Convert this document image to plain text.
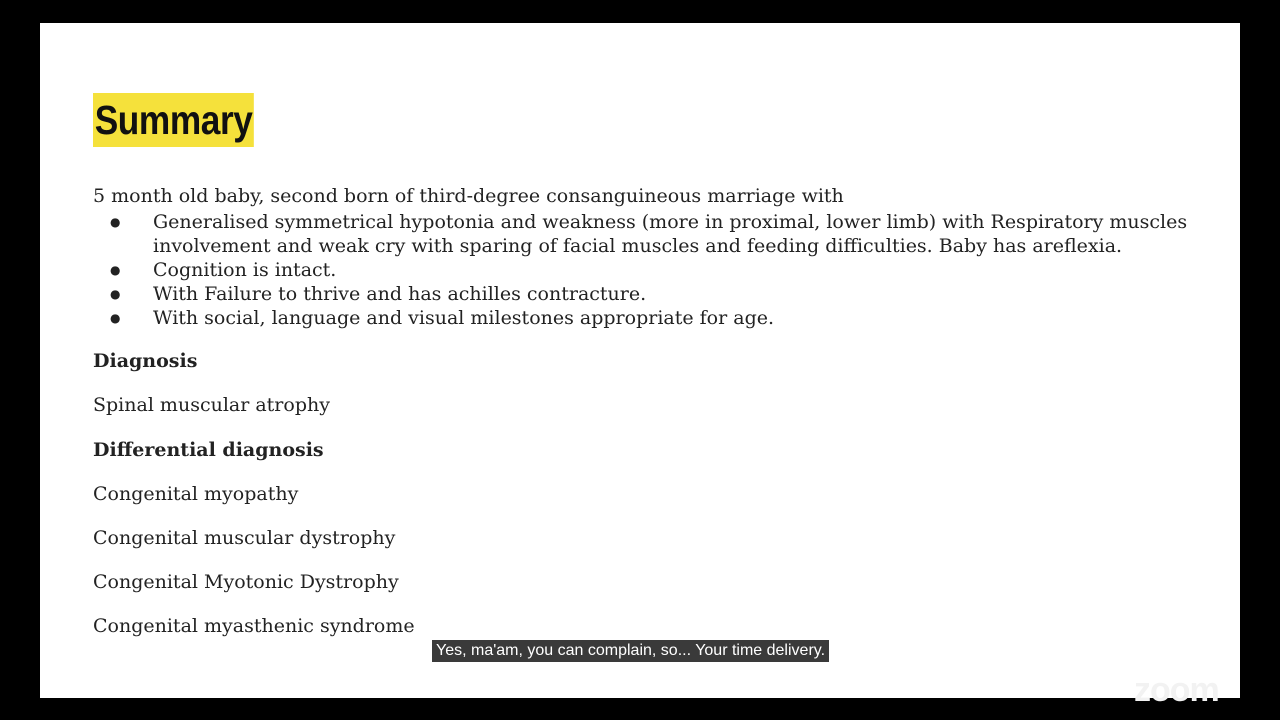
Summary

5 month old baby, second born of third-degree consanguineous marriage with

● Generalised symmetrical hypotonia and weakness (more in proximal, lower limb) with Respiratory muscles involvement and weak cry with sparing of facial muscles and feeding difficulties. Baby has areflexia.
● Cognition is intact.
● With Failure to thrive and has achilles contracture.
● With social, language and visual milestones appropriate for age.

Diagnosis

Spinal muscular atrophy

Differential diagnosis

Congenital myopathy

Congenital muscular dystrophy

Congenital Myotonic Dystrophy

Congenital myasthenic syndrome

zoom
Yes, ma'am, you can complain, so... Your time delivery.
